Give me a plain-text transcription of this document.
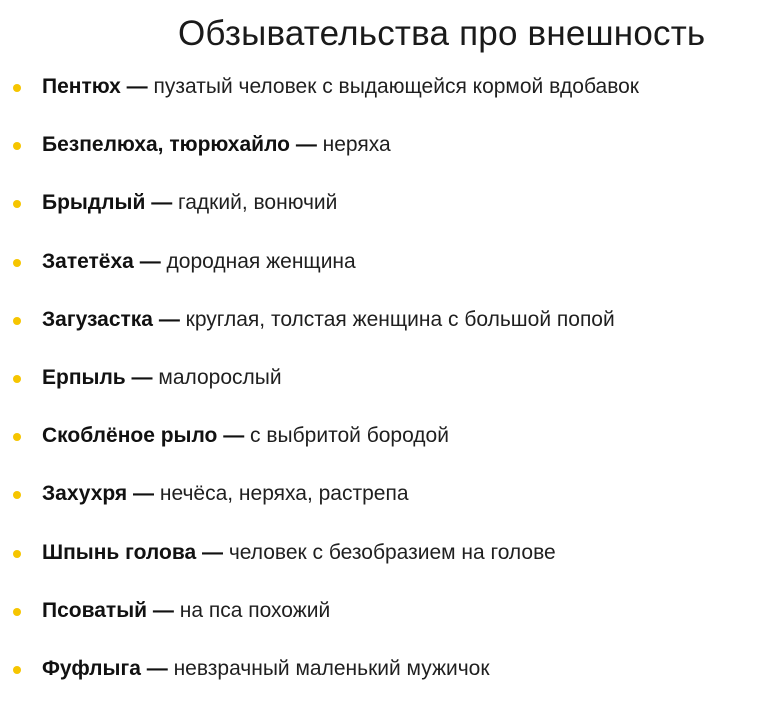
Обзывательства про внешность
Пентюх — пузатый человек с выдающейся кормой вдобавок
Безпелюха, тюрюхайло — неряха
Брыдлый — гадкий, вонючий
Затетёха — дородная женщина
Загузастка — круглая, толстая женщина с большой попой
Ерпыль — малорослый
Скоблёное рыло — с выбритой бородой
Захухря — нечёса, неряха, растрепа
Шпынь голова — человек с безобразием на голове
Псоватый — на пса похожий
Фуфлыга — невзрачный маленький мужичок
